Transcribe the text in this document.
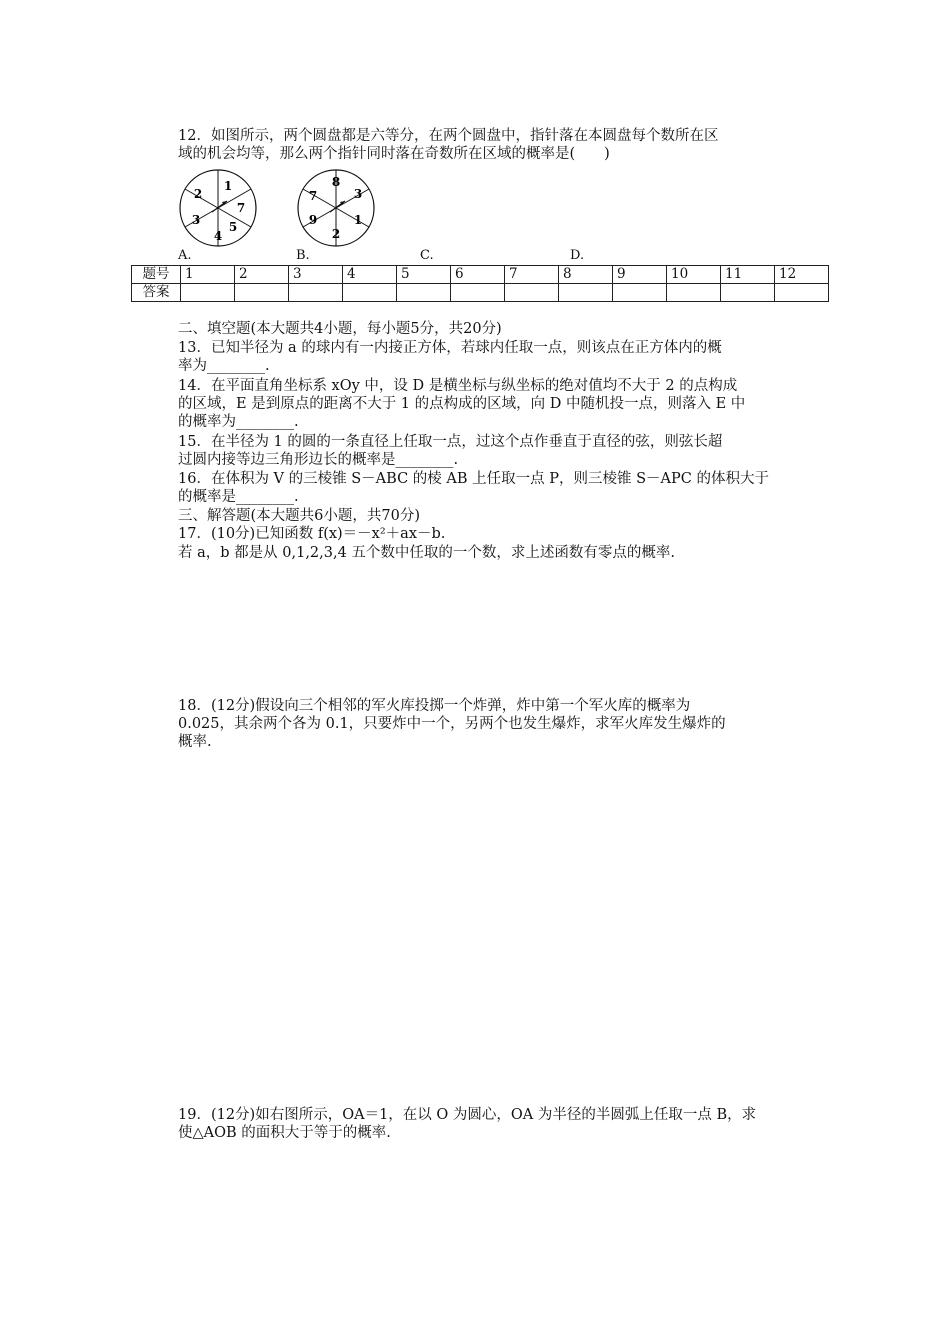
12．如图所示，两个圆盘都是六等分，在两个圆盘中，指针落在本圆盘每个数所在区
域的机会均等，那么两个指针同时落在奇数所在区域的概率是(　　)
1
7
5
4
3
2
8
3
1
2
9
7
A.	B.	C.	D.
题号	1	2	3	4	5	6	7	8	9	10	11	12
答案												
二、填空题(本大题共4小题，每小题5分，共20分)
13．已知半径为 a 的球内有一内接正方体，若球内任取一点，则该点在正方体内的概
率为________.
14．在平面直角坐标系 xOy 中，设 D 是横坐标与纵坐标的绝对值均不大于 2 的点构成
的区域，E 是到原点的距离不大于 1 的点构成的区域，向 D 中随机投一点，则落入 E 中
的概率为________.
15．在半径为 1 的圆的一条直径上任取一点，过这个点作垂直于直径的弦，则弦长超
过圆内接等边三角形边长的概率是________.
16．在体积为 V 的三棱锥 S－ABC 的棱 AB 上任取一点 P，则三棱锥 S－APC 的体积大于
的概率是________.
三、解答题(本大题共6小题，共70分)
17．(10分)已知函数 f(x)＝－x²＋ax－b.
若 a，b 都是从 0,1,2,3,4 五个数中任取的一个数，求上述函数有零点的概率.
18．(12分)假设向三个相邻的军火库投掷一个炸弹，炸中第一个军火库的概率为
0.025，其余两个各为 0.1，只要炸中一个，另两个也发生爆炸，求军火库发生爆炸的
概率.
19．(12分)如右图所示，OA＝1，在以 O 为圆心，OA 为半径的半圆弧上任取一点 B，求
使△AOB 的面积大于等于的概率.
